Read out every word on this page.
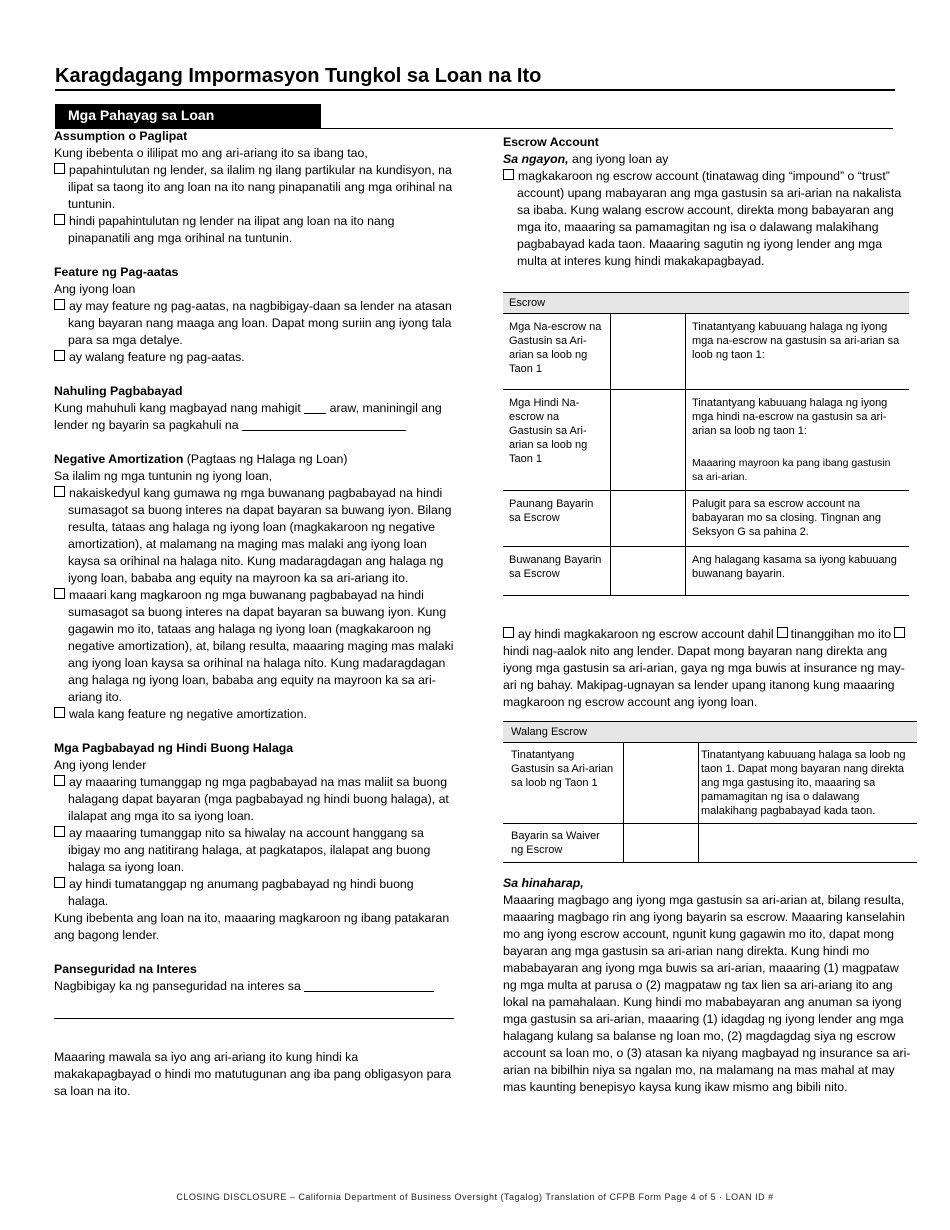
Karagdagang Impormasyon Tungkol sa Loan na Ito
Mga Pahayag sa Loan
Assumption o Paglipat
Kung ibebenta o ililipat mo ang ari-ariang ito sa ibang tao,
papahintulutan ng lender, sa ilalim ng ilang partikular na kundisyon, na ilipat sa taong ito ang loan na ito nang pinapanatili ang mga orihinal na tuntunin.
hindi papahintulutan ng lender na ilipat ang loan na ito nang pinapanatili ang mga orihinal na tuntunin.
Feature ng Pag-aatas
Ang iyong loan
ay may feature ng pag-aatas, na nagbibigay-daan sa lender na atasan kang bayaran nang maaga ang loan. Dapat mong suriin ang iyong tala para sa mga detalye.
ay walang feature ng pag-aatas.
Nahuling Pagbabayad
Kung mahuhuli kang magbayad nang mahigit araw, maniningil ang lender ng bayarin sa pagkahuli na
Negative Amortization (Pagtaas ng Halaga ng Loan)
Sa ilalim ng mga tuntunin ng iyong loan,
nakaiskedyul kang gumawa ng mga buwanang pagbabayad na hindi sumasagot sa buong interes na dapat bayaran sa buwang iyon. Bilang resulta, tataas ang halaga ng iyong loan (magkakaroon ng negative amortization), at malamang na maging mas malaki ang iyong loan kaysa sa orihinal na halaga nito. Kung madaragdagan ang halaga ng iyong loan, bababa ang equity na mayroon ka sa ari-ariang ito.
maaari kang magkaroon ng mga buwanang pagbabayad na hindi sumasagot sa buong interes na dapat bayaran sa buwang iyon. Kung gagawin mo ito, tataas ang halaga ng iyong loan (magkakaroon ng negative amortization), at, bilang resulta, maaaring maging mas malaki ang iyong loan kaysa sa orihinal na halaga nito. Kung madaragdagan ang halaga ng iyong loan, bababa ang equity na mayroon ka sa ari-ariang ito.
wala kang feature ng negative amortization.
Mga Pagbabayad ng Hindi Buong Halaga
Ang iyong lender
ay maaaring tumanggap ng mga pagbabayad na mas maliit sa buong halagang dapat bayaran (mga pagbabayad ng hindi buong halaga), at ilalapat ang mga ito sa iyong loan.
ay maaaring tumanggap nito sa hiwalay na account hanggang sa ibigay mo ang natitirang halaga, at pagkatapos, ilalapat ang buong halaga sa iyong loan.
ay hindi tumatanggap ng anumang pagbabayad ng hindi buong halaga.
Kung ibebenta ang loan na ito, maaaring magkaroon ng ibang patakaran ang bagong lender.
Panseguridad na Interes
Nagbibigay ka ng panseguridad na interes sa
Maaaring mawala sa iyo ang ari-ariang ito kung hindi ka makakapagbayad o hindi mo matutugunan ang iba pang obligasyon para sa loan na ito.
Escrow Account
Sa ngayon, ang iyong loan ay
magkakaroon ng escrow account (tinatawag ding “impound” o “trust” account) upang mabayaran ang mga gastusin sa ari-arian na nakalista sa ibaba. Kung walang escrow account, direkta mong babayaran ang mga ito, maaaring sa pamamagitan ng isa o dalawang malakihang pagbabayad kada taon. Maaaring sagutin ng iyong lender ang mga multa at interes kung hindi makakapagbayad.
Escrow		
Mga Na-escrow na Gastusin sa Ari-arian sa loob ng Taon 1		Tinatantyang kabuuang halaga ng iyong mga na-escrow na gastusin sa ari-arian sa loob ng taon 1:
Mga Hindi Na-escrow na Gastusin sa Ari-arian sa loob ng Taon 1		Tinatantyang kabuuang halaga ng iyong mga hindi na-escrow na gastusin sa ari-arian sa loob ng taon 1:
Maaaring mayroon ka pang ibang gastusin sa ari-arian.

Paunang Bayarin sa Escrow		Palugit para sa escrow account na babayaran mo sa closing. Tingnan ang Seksyon G sa pahina 2.
Buwanang Bayarin sa Escrow		Ang halagang kasama sa iyong kabuuang buwanang bayarin.
ay hindi magkakaroon ng escrow account dahil tinanggihan mo itohindi nag-aalok nito ang lender. Dapat mong bayaran nang direkta ang iyong mga gastusin sa ari-arian, gaya ng mga buwis at insurance ng may-ari ng bahay. Makipag-ugnayan sa lender upang itanong kung maaaring magkaroon ng escrow account ang iyong loan.
Walang Escrow		
Tinatantyang Gastusin sa Ari-arian sa loob ng Taon 1		Tinatantyang kabuuang halaga sa loob ng taon 1. Dapat mong bayaran nang direkta ang mga gastusing ito, maaaring sa pamamagitan ng isa o dalawang malakihang pagbabayad kada taon.
Bayarin sa Waiver ng Escrow		
Sa hinaharap,
Maaaring magbago ang iyong mga gastusin sa ari-arian at, bilang resulta, maaaring magbago rin ang iyong bayarin sa escrow. Maaaring kanselahin mo ang iyong escrow account, ngunit kung gagawin mo ito, dapat mong bayaran ang mga gastusin sa ari-arian nang direkta. Kung hindi mo mababayaran ang iyong mga buwis sa ari-arian, maaaring (1) magpataw ng mga multa at parusa o (2) magpataw ng tax lien sa ari-ariang ito ang lokal na pamahalaan. Kung hindi mo mababayaran ang anuman sa iyong mga gastusin sa ari-arian, maaaring (1) idagdag ng iyong lender ang mga halagang kulang sa balanse ng loan mo, (2) magdagdag siya ng escrow account sa loan mo, o (3) atasan ka niyang magbayad ng insurance sa ari-arian na bibilhin niya sa ngalan mo, na malamang na mas mahal at may mas kaunting benepisyo kaysa kung ikaw mismo ang bibili nito.
CLOSING DISCLOSURE – California Department of Business Oversight (Tagalog) Translation of CFPB Form Page 4 of 5 · LOAN ID #
